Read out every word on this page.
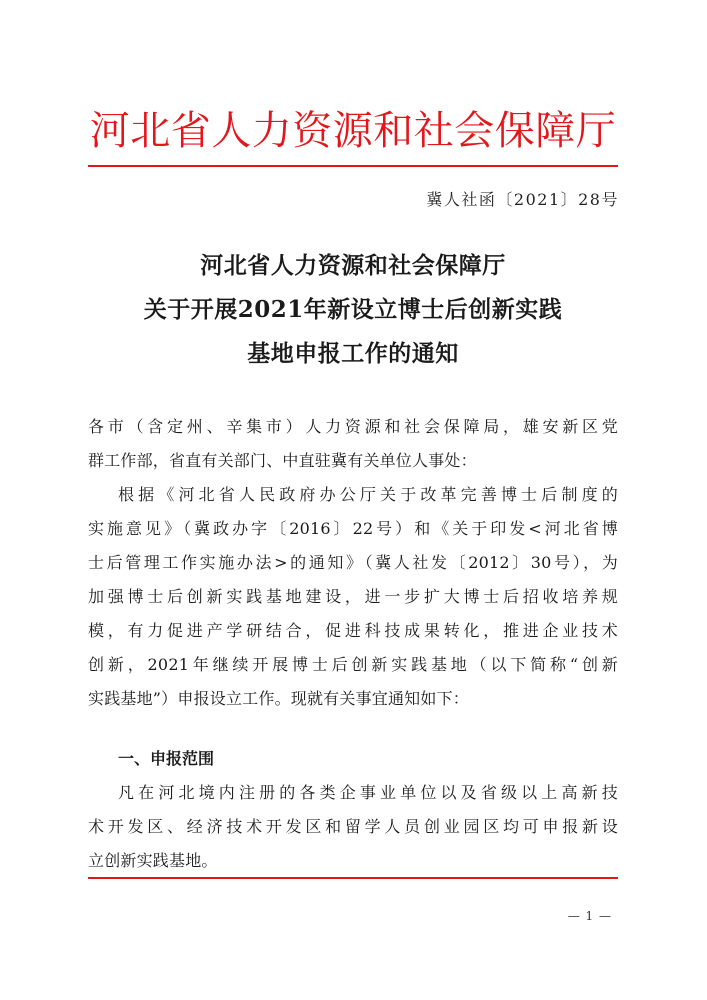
河北省人力资源和社会保障厅
冀人社函〔2021〕28号
河北省人力资源和社会保障厅
关于开展2021年新设立博士后创新实践
基地申报工作的通知
各市（含定州、辛集市）人力资源和社会保障局，雄安新区党
群工作部，省直有关部门、中直驻冀有关单位人事处：
根据《河北省人民政府办公厅关于改革完善博士后制度的
实施意见》（冀政办字〔2016〕22号）和《关于印发<河北省博
士后管理工作实施办法>的通知》（冀人社发〔2012〕30号），为
加强博士后创新实践基地建设，进一步扩大博士后招收培养规
模，有力促进产学研结合，促进科技成果转化，推进企业技术
创新，2021年继续开展博士后创新实践基地（以下简称“创新
实践基地”）申报设立工作。现就有关事宜通知如下：
一、申报范围
凡在河北境内注册的各类企事业单位以及省级以上高新技
术开发区、经济技术开发区和留学人员创业园区均可申报新设
立创新实践基地。
— 1 —
